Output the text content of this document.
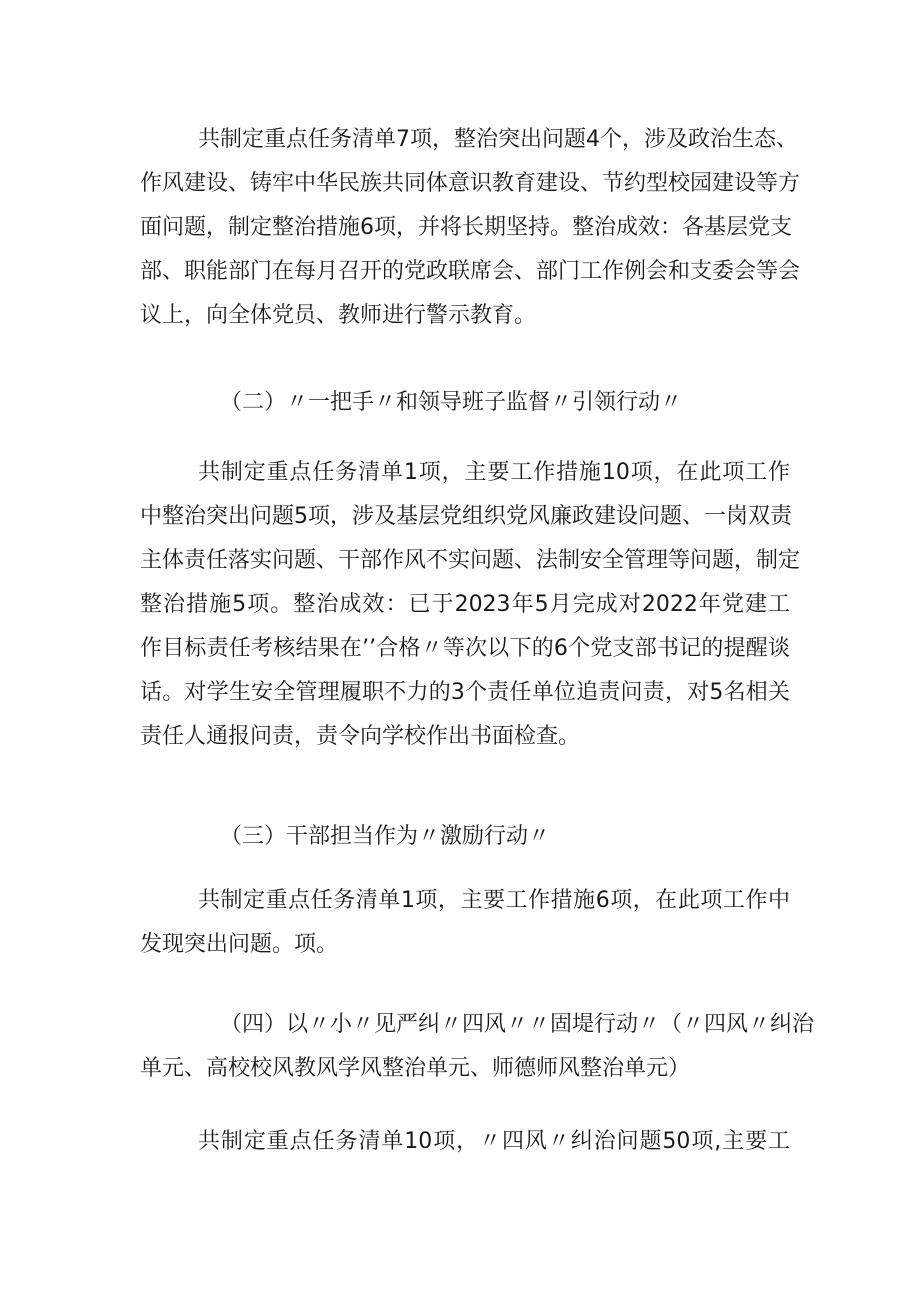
共制定重点任务清单7项，整治突出问题4个，涉及政治生态、
作风建设、铸牢中华民族共同体意识教育建设、节约型校园建设等方
面问题，制定整治措施6项，并将长期坚持。整治成效：各基层党支
部、职能部门在每月召开的党政联席会、部门工作例会和支委会等会
议上，向全体党员、教师进行警示教育。
（二）〃一把手〃和领导班子监督〃引领行动〃
共制定重点任务清单1项，主要工作措施10项，在此项工作
中整治突出问题5项，涉及基层党组织党风廉政建设问题、一岗双责
主体责任落实问题、干部作风不实问题、法制安全管理等问题，制定
整治措施5项。整治成效：已于2023年5月完成对2022年党建工
作目标责任考核结果在’’合格〃等次以下的6个党支部书记的提醒谈
话。对学生安全管理履职不力的3个责任单位追责问责，对5名相关
责任人通报问责，责令向学校作出书面检查。
（三）干部担当作为〃激励行动〃
共制定重点任务清单1项，主要工作措施6项，在此项工作中
发现突出问题。项。
（四）以〃小〃见严纠〃四风〃〃固堤行动〃（〃四风〃纠治
单元、高校校风教风学风整治单元、师德师风整治单元）
共制定重点任务清单10项，〃四风〃纠治问题50项,主要工
